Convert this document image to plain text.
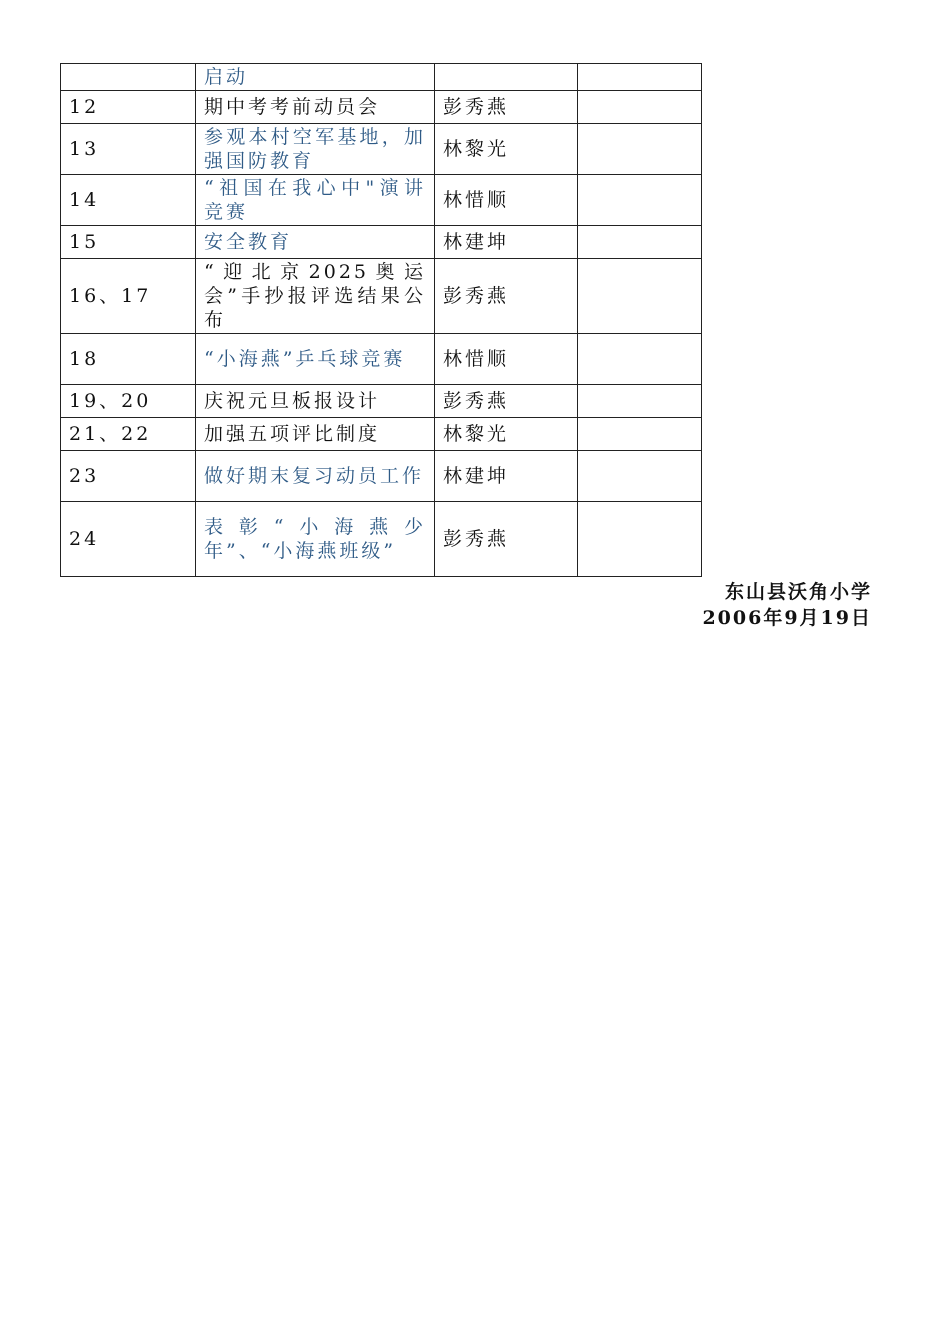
	启动		
12	期中考考前动员会	彭秀燕	
13	参观本村空军基地，加强国防教育	林黎光	
14	“祖国在我心中"演讲竞赛	林惜顺	
15	安全教育	林建坤	
16、17	“迎北京2025奥运会”手抄报评选结果公布	彭秀燕	
18	“小海燕”乒乓球竞赛	林惜顺	
19、20	庆祝元旦板报设计	彭秀燕	
21、22	加强五项评比制度	林黎光	
23	做好期末复习动员工作	林建坤	
24	表彰“小海燕少年”、“小海燕班级”	彭秀燕	
东山县沃角小学
2006年9月19日
